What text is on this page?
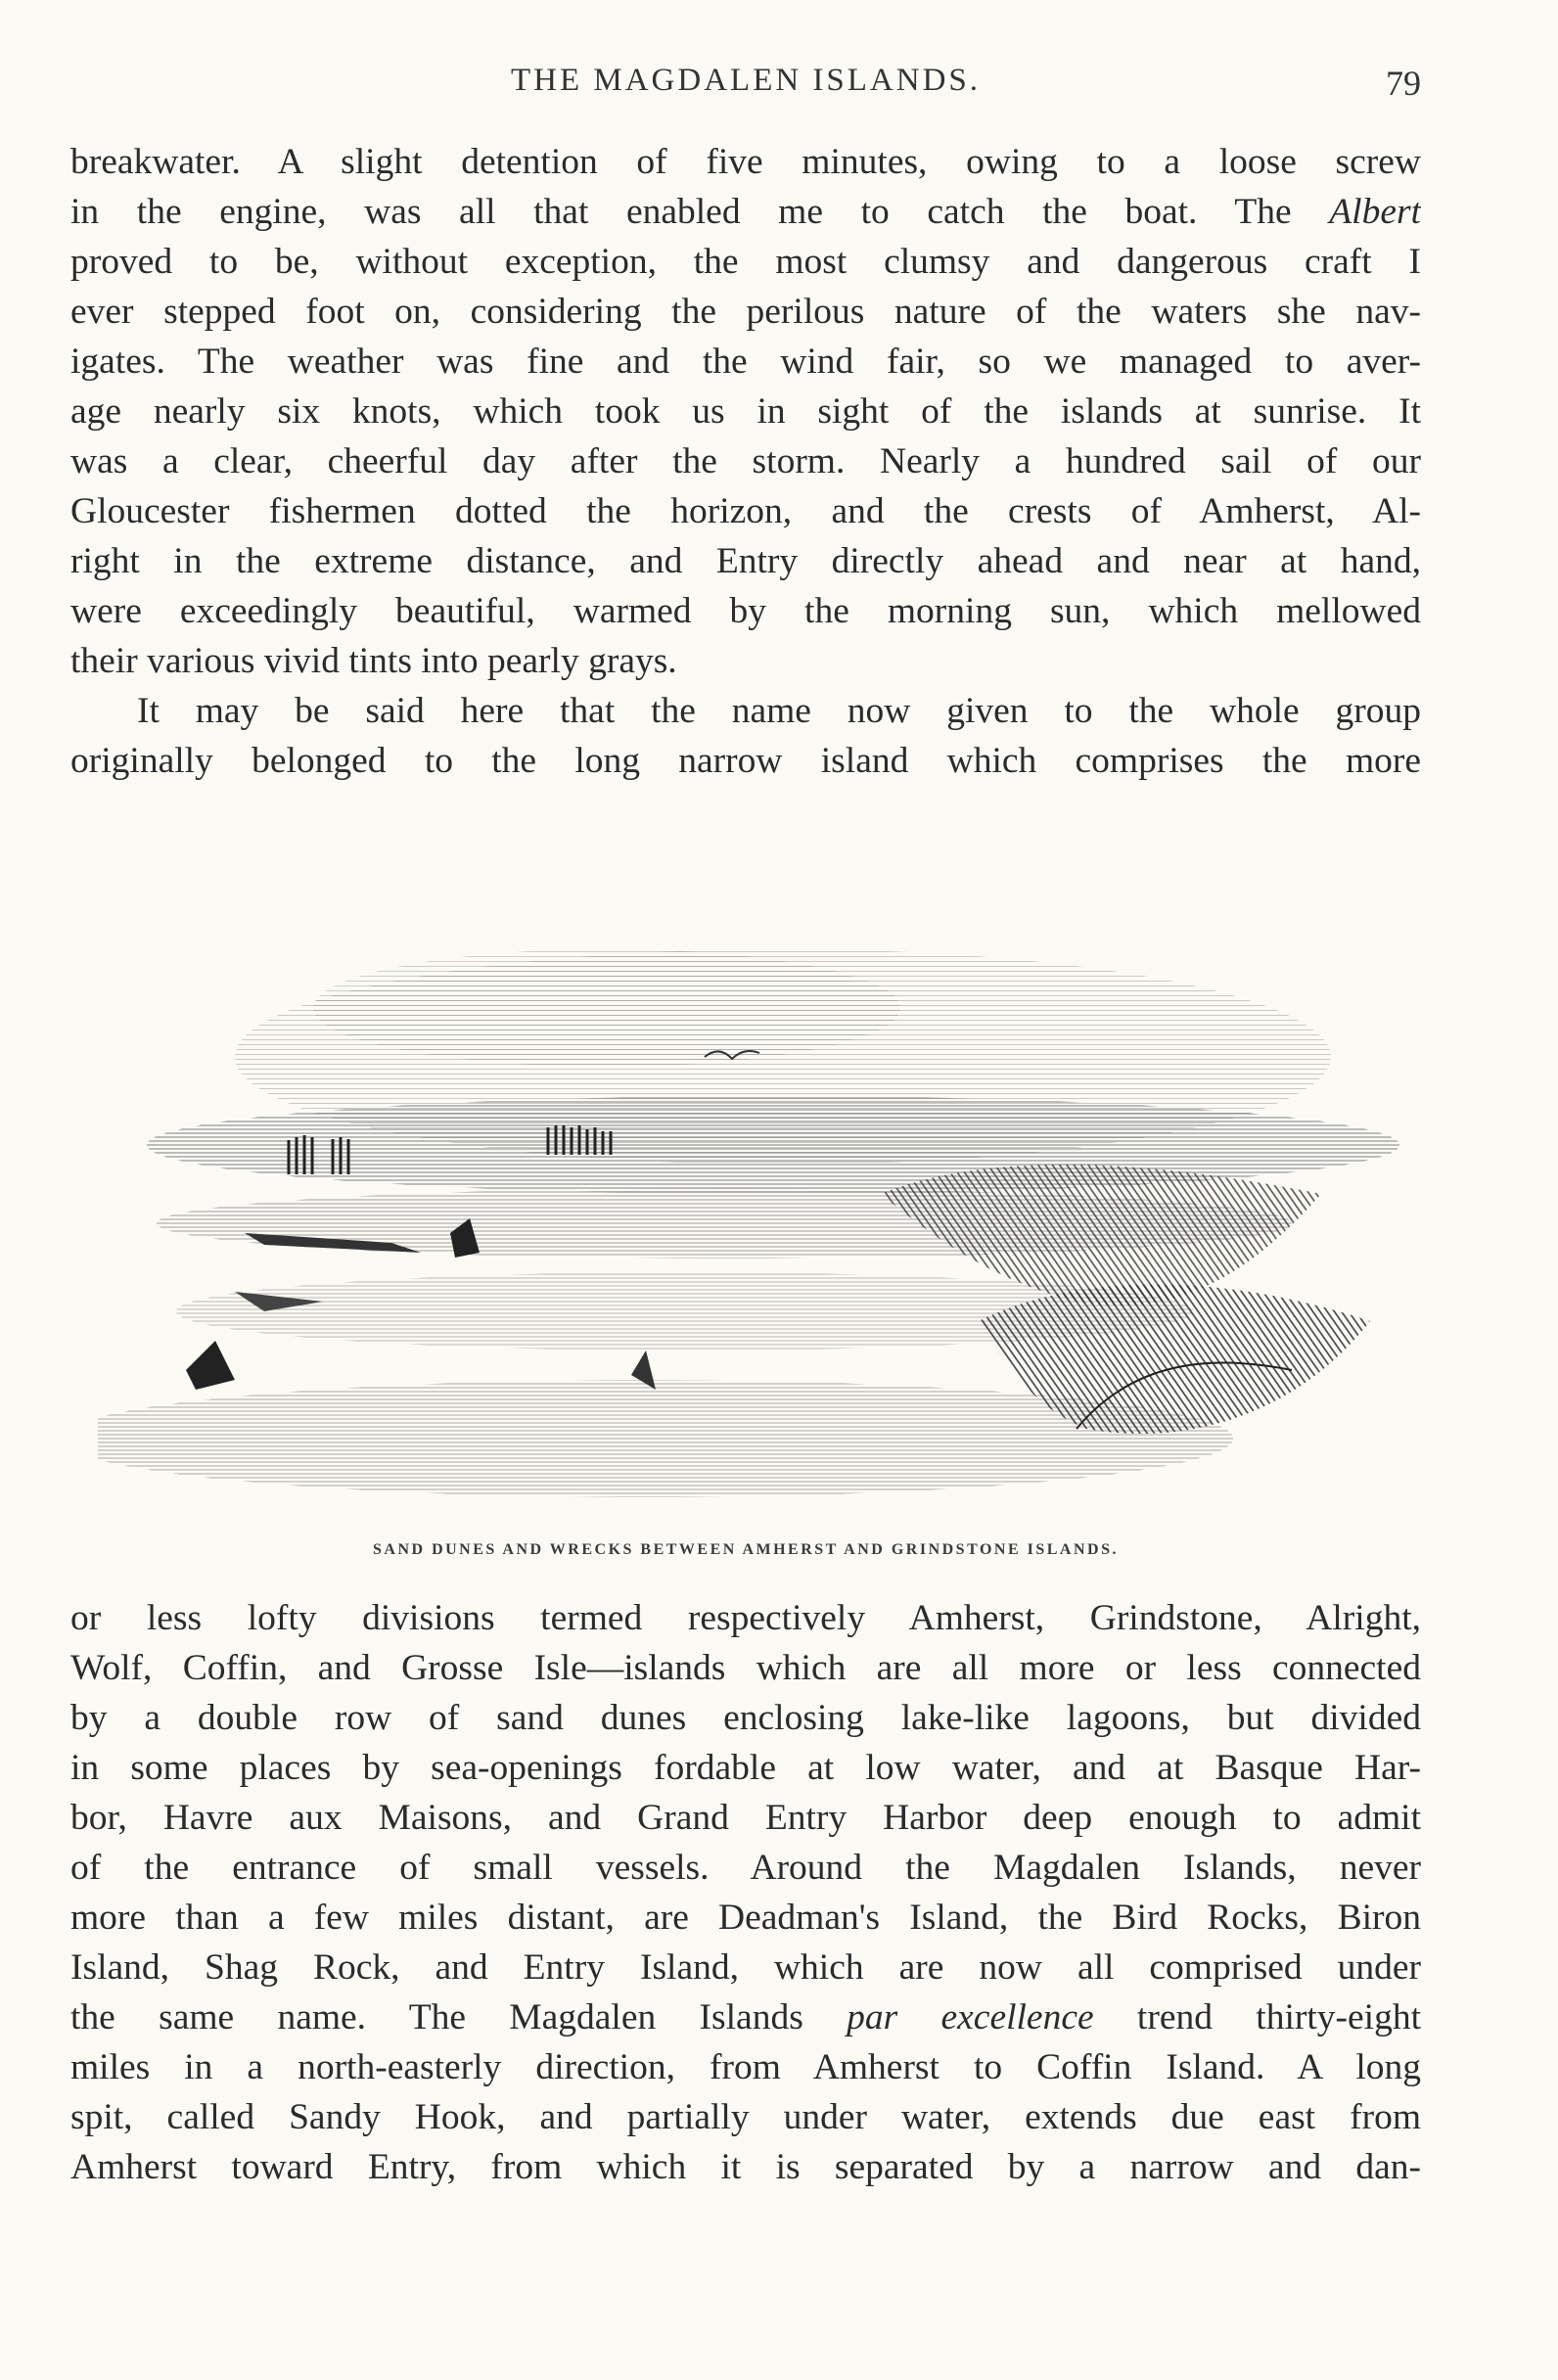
THE MAGDALEN ISLANDS.	79
breakwater. A slight detention of five minutes, owing to a loose screw
in the engine, was all that enabled me to catch the boat. The Albert
proved to be, without exception, the most clumsy and dangerous craft I
ever stepped foot on, considering the perilous nature of the waters she nav-
igates. The weather was fine and the wind fair, so we managed to aver-
age nearly six knots, which took us in sight of the islands at sunrise. It
was a clear, cheerful day after the storm. Nearly a hundred sail of our
Gloucester fishermen dotted the horizon, and the crests of Amherst, Al-
right in the extreme distance, and Entry directly ahead and near at hand,
were exceedingly beautiful, warmed by the morning sun, which mellowed
their various vivid tints into pearly grays.
It may be said here that the name now given to the whole group
originally belonged to the long narrow island which comprises the more
SAND DUNES AND WRECKS BETWEEN AMHERST AND GRINDSTONE ISLANDS.
or less lofty divisions termed respectively Amherst, Grindstone, Alright,
Wolf, Coffin, and Grosse Isle—islands which are all more or less connected
by a double row of sand dunes enclosing lake-like lagoons, but divided
in some places by sea-openings fordable at low water, and at Basque Har-
bor, Havre aux Maisons, and Grand Entry Harbor deep enough to admit
of the entrance of small vessels. Around the Magdalen Islands, never
more than a few miles distant, are Deadman's Island, the Bird Rocks, Biron
Island, Shag Rock, and Entry Island, which are now all comprised under
the same name. The Magdalen Islands par excellence trend thirty-eight
miles in a north-easterly direction, from Amherst to Coffin Island. A long
spit, called Sandy Hook, and partially under water, extends due east from
Amherst toward Entry, from which it is separated by a narrow and dan-
